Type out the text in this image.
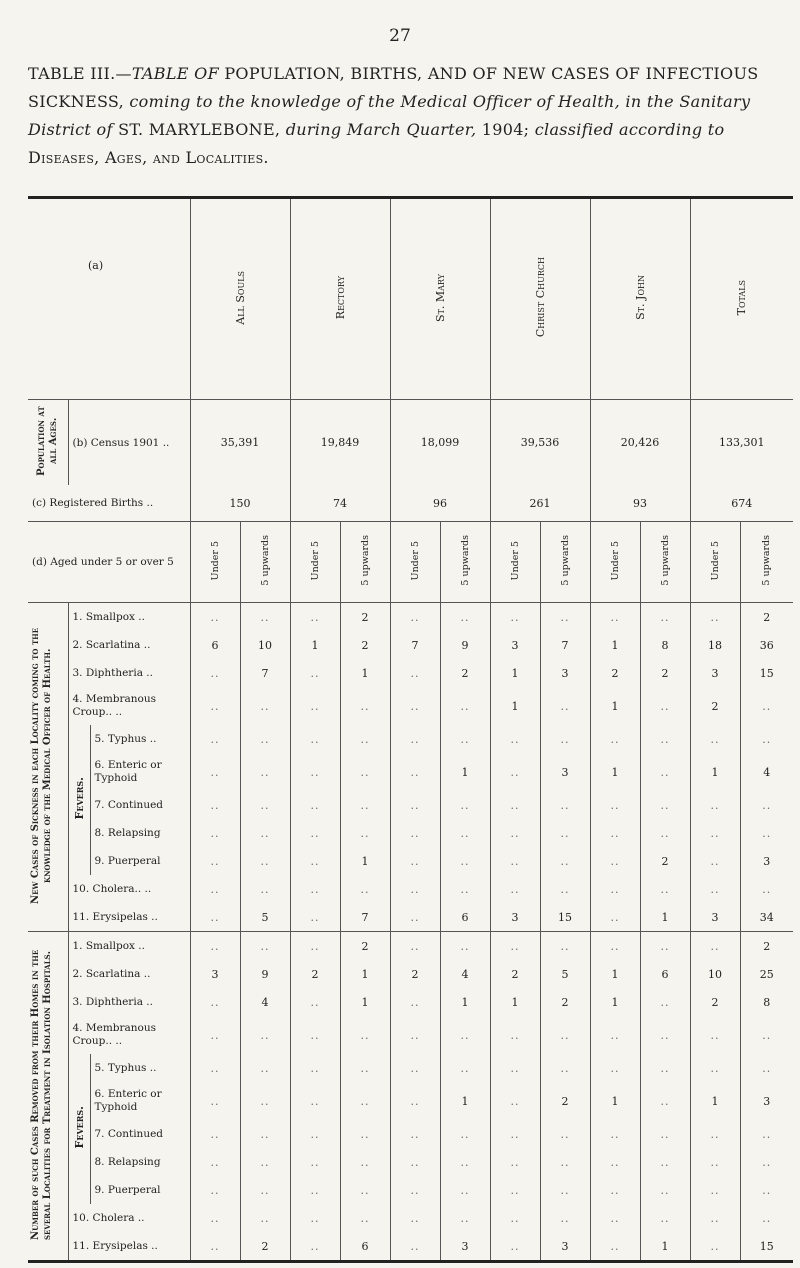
27
TABLE III.—TABLE OF POPULATION, BIRTHS, AND OF NEW CASES OF INFECTIOUS SICKNESS, coming to the knowledge of the Medical Officer of Health, in the Sanitary District of ST. MARYLEBONE, during March Quarter, 1904; classified according to Diseases, Ages, and Localities.
(a)			All Souls		Rectory		St. Mary		Christ Church		St. John		Totals	
Population at all Ages.	(b) Census 1901 ..		35,391		19,849		18,099		39,536		20,426		133,301	
(c) Registered Births ..			150		74		96		261		93		674	
(d) Aged under 5 or over 5			Under 5	5 upwards	Under 5	5 upwards	Under 5	5 upwards	Under 5	5 upwards	Under 5	5 upwards	Under 5	5 upwards
New Cases of Sickness in each Locality coming to the knowledge of the Medical Officer of Health.	1. Smallpox ..		..	..	..	2	..	..	..	..	..	..	..	2
	2. Scarlatina ..		6	10	1	2	7	9	3	7	1	8	18	36
	3. Diphtheria ..		..	7	..	1	..	2	1	3	2	2	3	15
	4. Membranous Croup.. ..		..	..	..	..	..	..	1	..	1	..	2	..
	Fevers.	5. Typhus ..	..	..	..	..	..	..	..	..	..	..	..	..
		6. Enteric or Typhoid	..	..	..	..	..	1	..	3	1	..	1	4
		7. Continued	..	..	..	..	..	..	..	..	..	..	..	..
		8. Relapsing	..	..	..	..	..	..	..	..	..	..	..	..
		9. Puerperal	..	..	..	1	..	..	..	..	..	2	..	3
	10. Cholera.. ..		..	..	..	..	..	..	..	..	..	..	..	..
	11. Erysipelas ..		..	5	..	7	..	6	3	15	..	1	3	34
Number of such Cases Removed from their Homes in the several Localities for Treatment in Isolation Hospitals.	1. Smallpox ..		..	..	..	2	..	..	..	..	..	..	..	2
	2. Scarlatina ..		3	9	2	1	2	4	2	5	1	6	10	25
	3. Diphtheria ..		..	4	..	1	..	1	1	2	1	..	2	8
	4. Membranous Croup.. ..		..	..	..	..	..	..	..	..	..	..	..	..
	Fevers.	5. Typhus ..	..	..	..	..	..	..	..	..	..	..	..	..
		6. Enteric or Typhoid	..	..	..	..	..	1	..	2	1	..	1	3
		7. Continued	..	..	..	..	..	..	..	..	..	..	..	..
		8. Relapsing	..	..	..	..	..	..	..	..	..	..	..	..
		9. Puerperal	..	..	..	..	..	..	..	..	..	..	..	..
	10. Cholera ..		..	..	..	..	..	..	..	..	..	..	..	..
	11. Erysipelas ..		..	2	..	6	..	3	..	3	..	1	..	15
